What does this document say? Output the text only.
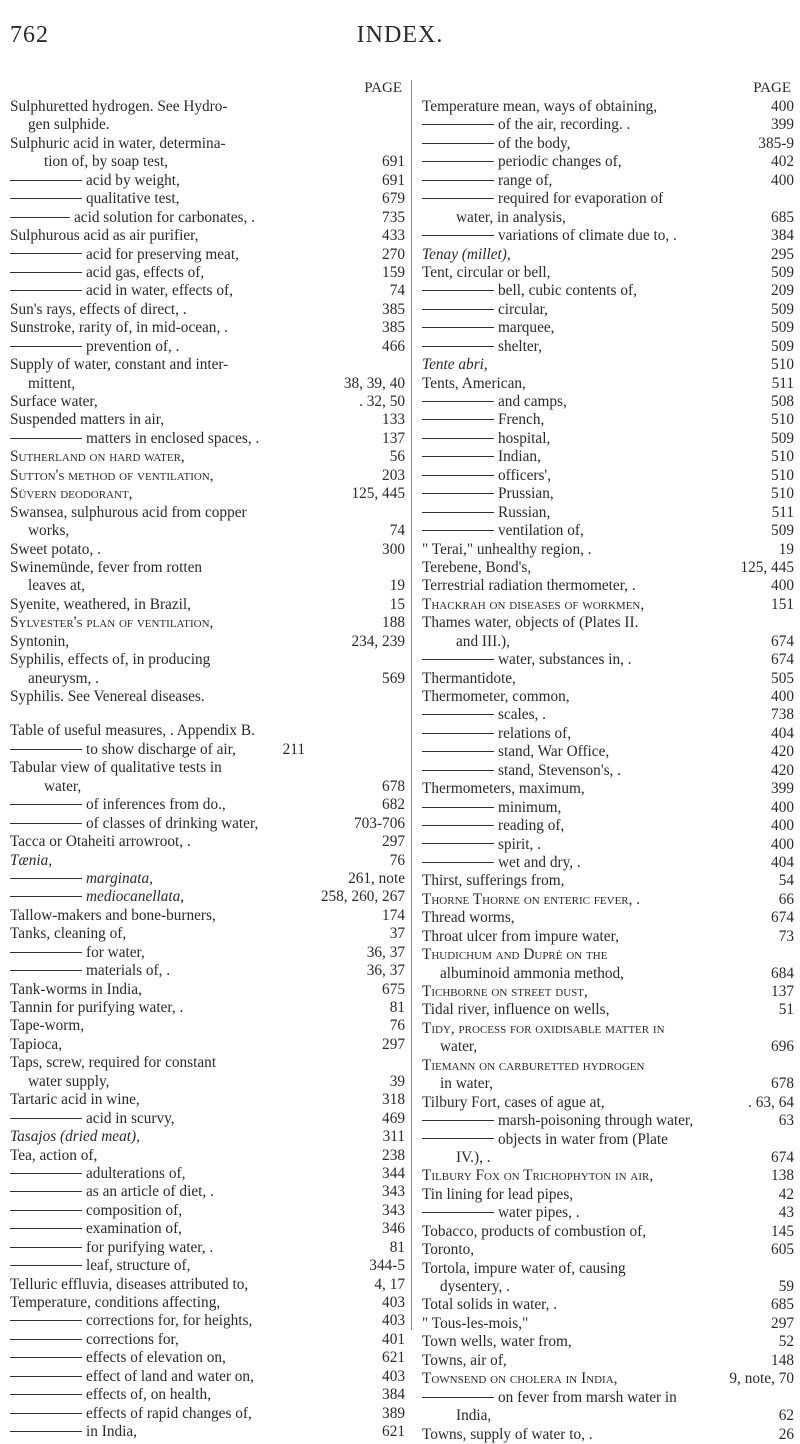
762	INDEX.
PAGE
Sulphuretted hydrogen. See Hydro-
gen sulphide.
Sulphuric acid in water, determina-
tion of, by soap test,	691
acid by weight,	691
qualitative test,	679
acid solution for carbonates, .	735
Sulphurous acid as air purifier,	433
acid for preserving meat,	270
acid gas, effects of,	159
acid in water, effects of,	74
Sun's rays, effects of direct, .	385
Sunstroke, rarity of, in mid-ocean, .	385
prevention of, .	466
Supply of water, constant and inter-
mittent,	38, 39, 40
Surface water,	. 32, 50
Suspended matters in air,	133
matters in enclosed spaces, .	137
Sutherland on hard water,	56
Sutton's method of ventilation,	203
Süvern deodorant,	125, 445
Swansea, sulphurous acid from copper
works,	74
Sweet potato, .	300
Swinemünde, fever from rotten
leaves at,	19
Syenite, weathered, in Brazil,	15
Sylvester's plan of ventilation,	188
Syntonin,	234, 239
Syphilis, effects of, in producing
aneurysm, .	569
Syphilis. See Venereal diseases.
Table of useful measures, . Appendix B.
to show discharge of air,	211
Tabular view of qualitative tests in
water,	678
of inferences from do.,	682
of classes of drinking water,	703-706
Tacca or Otaheiti arrowroot, .	297
Tænia,	76
marginata,	261, note
mediocanellata,	258, 260, 267
Tallow-makers and bone-burners,	174
Tanks, cleaning of,	37
for water,	36, 37
materials of, .	36, 37
Tank-worms in India,	675
Tannin for purifying water, .	81
Tape-worm,	76
Tapioca,	297
Taps, screw, required for constant
water supply,	39
Tartaric acid in wine,	318
acid in scurvy,	469
Tasajos (dried meat),	311
Tea, action of,	238
adulterations of,	344
as an article of diet, .	343
composition of,	343
examination of,	346
for purifying water, .	81
leaf, structure of,	344-5
Telluric effluvia, diseases attributed to,	4, 17
Temperature, conditions affecting,	403
corrections for, for heights,	403
corrections for,	401
effects of elevation on,	621
effect of land and water on,	403
effects of, on health,	384
effects of rapid changes of,	389
in India,	621
PAGE
Temperature mean, ways of obtaining,	400
of the air, recording. .	399
of the body,	385-9
periodic changes of,	402
range of,	400
required for evaporation of
water, in analysis,	685
variations of climate due to, .	384
Tenay (millet),	295
Tent, circular or bell,	509
bell, cubic contents of,	209
circular,	509
marquee,	509
shelter,	509
Tente abri,	510
Tents, American,	511
and camps,	508
French,	510
hospital,	509
Indian,	510
officers',	510
Prussian,	510
Russian,	511
ventilation of,	509
" Terai," unhealthy region, .	19
Terebene, Bond's,	125, 445
Terrestrial radiation thermometer, .	400
Thackrah on diseases of workmen,	151
Thames water, objects of (Plates II.
and III.),	674
water, substances in, .	674
Thermantidote,	505
Thermometer, common,	400
scales, .	738
relations of,	404
stand, War Office,	420
stand, Stevenson's, .	420
Thermometers, maximum,	399
minimum,	400
reading of,	400
spirit, .	400
wet and dry, .	404
Thirst, sufferings from,	54
Thorne Thorne on enteric fever, .	66
Thread worms,	674
Throat ulcer from impure water,	73
Thudichum and Dupré on the
albuminoid ammonia method,	684
Tichborne on street dust,	137
Tidal river, influence on wells,	51
Tidy, process for oxidisable matter in
water,	696
Tiemann on carburetted hydrogen
in water,	678
Tilbury Fort, cases of ague at,	. 63, 64
marsh-poisoning through water,	63
objects in water from (Plate
IV.), .	674
Tilbury Fox on Trichophyton in air,	138
Tin lining for lead pipes,	42
water pipes, .	43
Tobacco, products of combustion of,	145
Toronto,	605
Tortola, impure water of, causing
dysentery, .	59
Total solids in water, .	685
" Tous-les-mois,"	297
Town wells, water from,	52
Towns, air of,	148
Townsend on cholera in India,	9, note, 70
on fever from marsh water in
India,	62
Towns, supply of water to, .	26
